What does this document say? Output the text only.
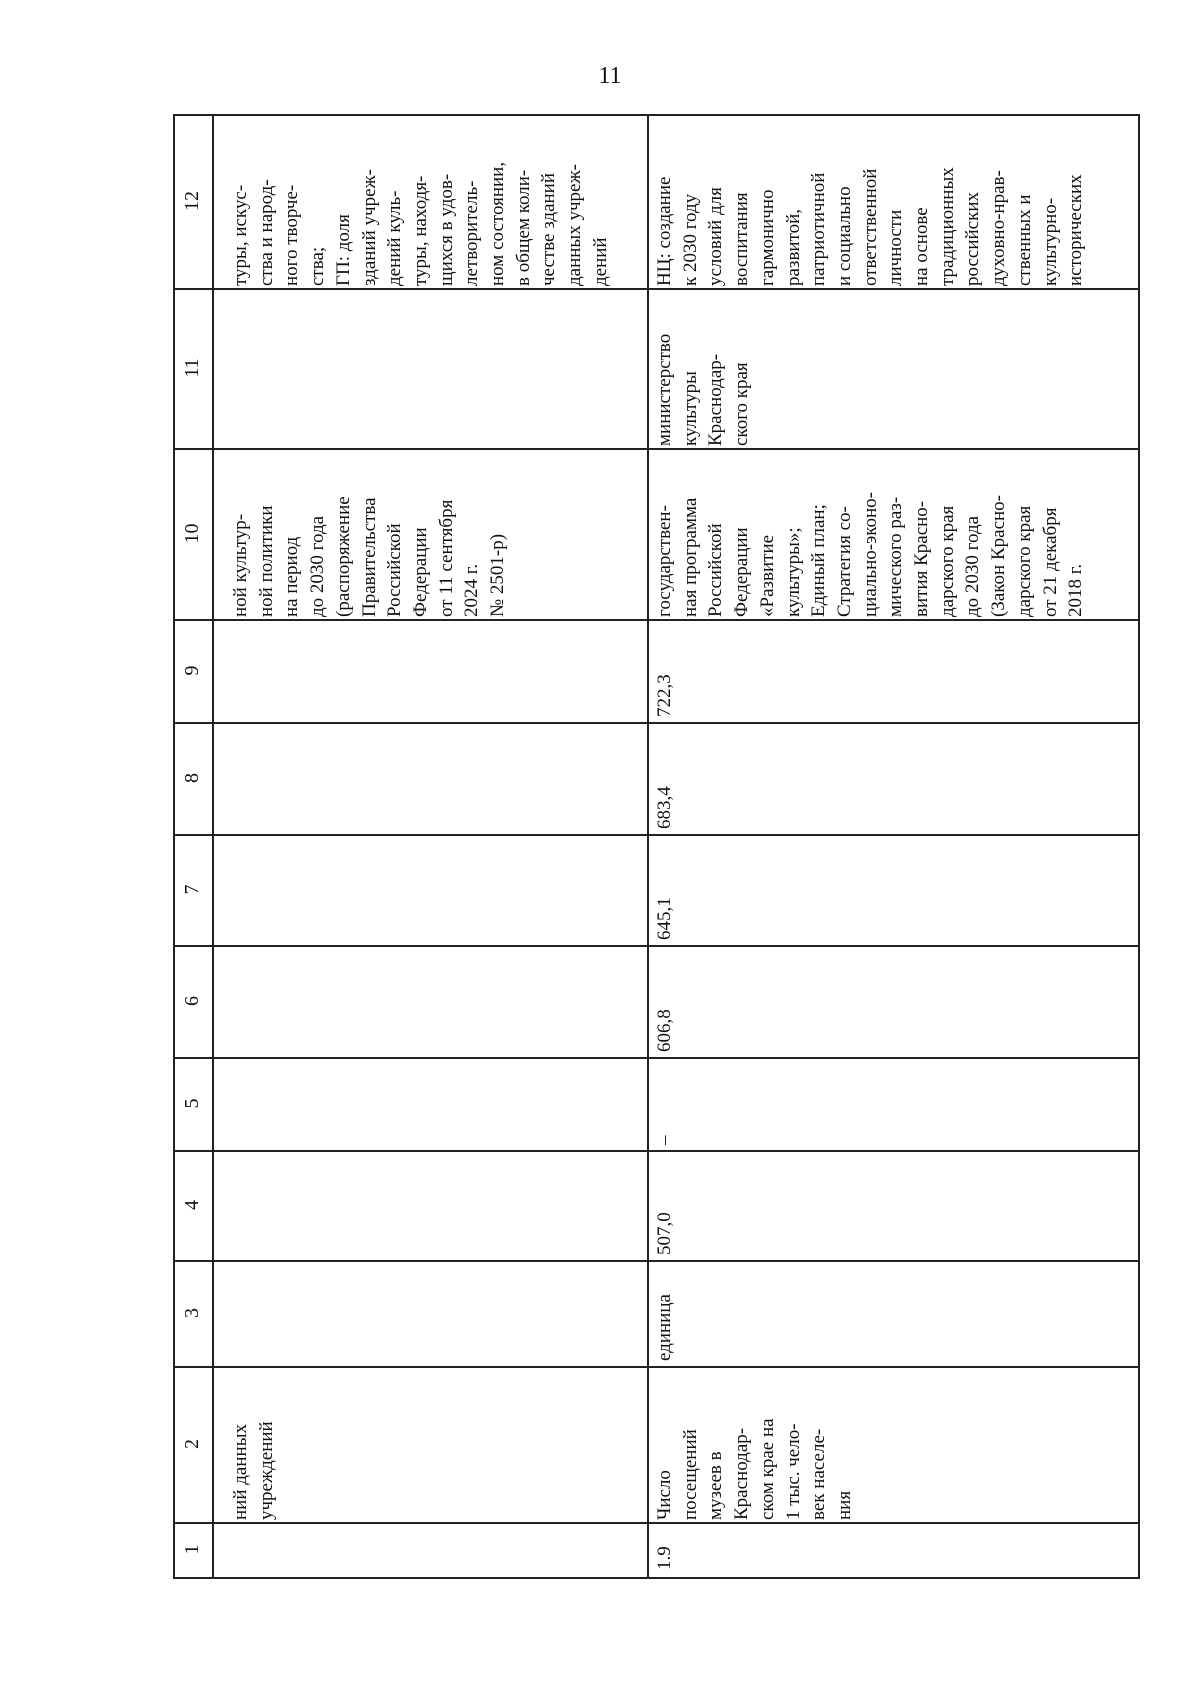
11
12
11
10
9
8
7
6
5
4
3
2
1
туры, искус-
ства и народ-
ного творче-
ства;
ГП: доля
зданий учреж-
дений куль-
туры, находя-
щихся в удов-
летворитель-
ном состоянии,
в общем коли-
честве зданий
данных учреж-
дений
ной культур-
ной политики
на период
до 2030 года
(распоряжение
Правительства
Российской
Федерации
от 11 сентября
2024 г.
№ 2501-р)
ний данных
учреждений
НЦ: создание
к 2030 году
условий для
воспитания
гармонично
развитой,
патриотичной
и социально
ответственной
личности
на основе
традиционных
российских
духовно-нрав-
ственных и
культурно-
исторических
министерство
культуры
Краснодар-
ского края
государствен-
ная программа
Российской
Федерации
«Развитие
культуры»;
Единый план;
Стратегия со-
циально-эконо-
мического раз-
вития Красно-
дарского края
до 2030 года
(Закон Красно-
дарского края
от 21 декабря
2018 г.
722,3
683,4
645,1
606,8
–
507,0
единица
Число
посещений
музеев в
Краснодар-
ском крае на
1 тыс. чело-
век населе-
ния
1.9
